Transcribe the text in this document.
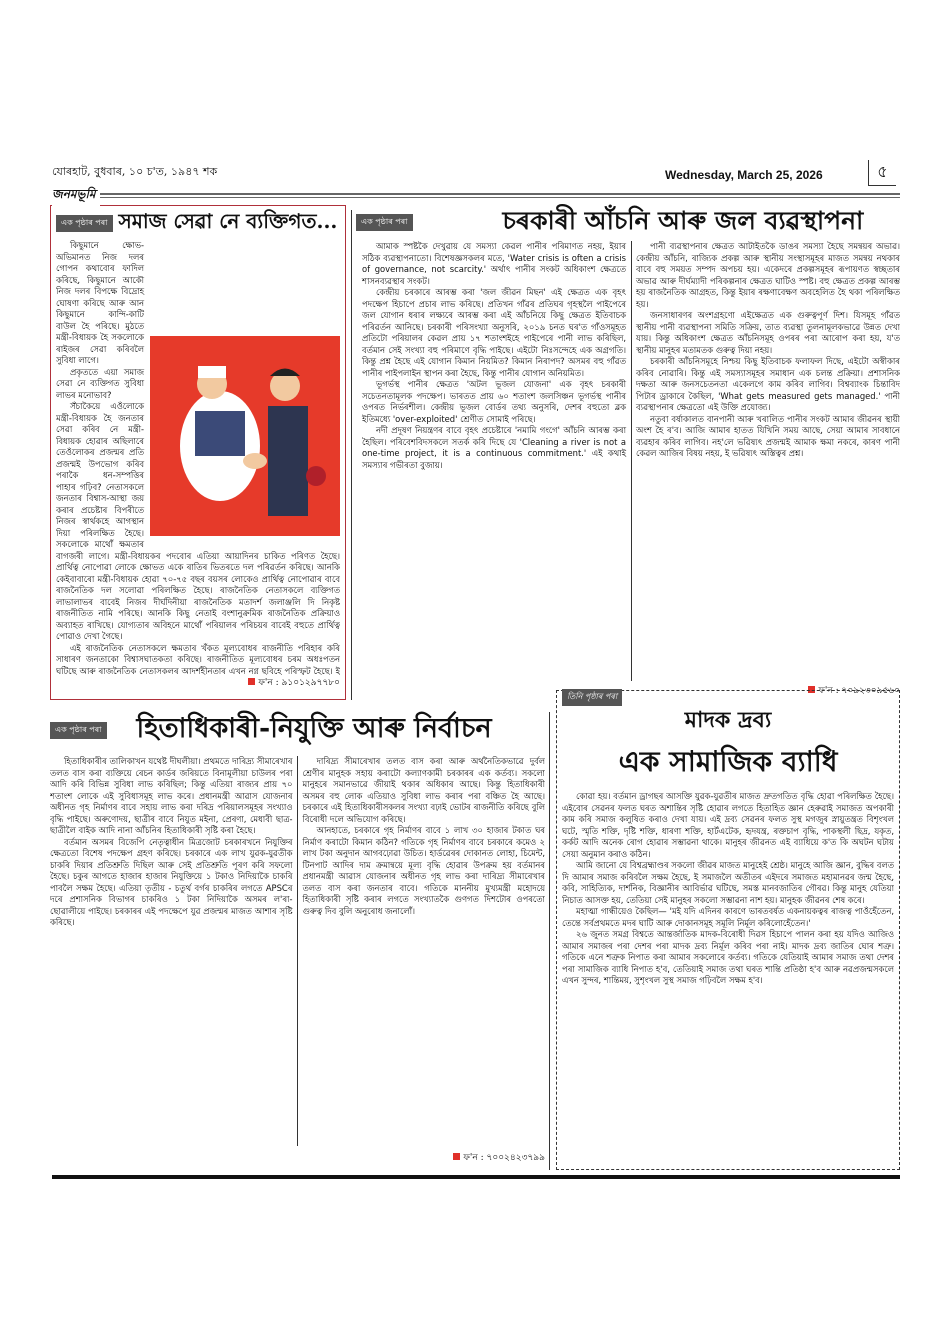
যোৰহাট, বুধবাৰ, ১০ চ'ত, ১৯৪৭ শক	Wednesday, March 25, 2026	৫
জনমভূমি
এক পৃষ্ঠাৰ পৰা সমাজ সেৱা নে ব্যক্তিগত...

কিছুমানে ক্ষোভ-অভিমানত নিজ দলৰ গোপন কথাবোৰ ফাদিল কৰিছে, কিছুমানে আকৌ নিজ দলৰ বিপক্ষে বিদ্ৰোহ ঘোষণা কৰিছে আৰু আন কিছুমানে কান্দি-কাটি বাউল হৈ পৰিছে। মুঠতে মন্ত্ৰী-বিধায়ক হৈ সকলোকে ৰাইজৰ সেৱা কৰিবলৈ সুবিধা লাগে।

প্ৰকৃততে এয়া সমাজ সেৱা নে ব্যক্তিগত সুবিধা লাভৰ মনোভাব?

সঁচাকৈয়ে এওঁলোকে মন্ত্ৰী-বিধায়ক হৈ জনতাৰ সেৱা কৰিব নে মন্ত্ৰী-বিধায়ক হোৱাৰ অছিলাৰে তেওঁলোকৰ প্ৰজন্মৰ প্ৰতি প্ৰজন্মই উপভোগ কৰিব পৰাকৈ ধন-সম্পত্তিৰ পাহাৰ গঢ়িব? নেতাসকলে জনতাৰ বিশ্বাস-আস্থা জয় কৰাৰ প্ৰচেষ্টাৰ বিপৰীতে নিজৰ স্বাৰ্থকহে আগস্থান দিয়া পৰিলক্ষিত হৈছে। সকলোকে মাথোঁ ক্ষমতাৰ বাগজৰী লাগে। মন্ত্ৰী-বিধায়কৰ পদবোৰ এতিয়া আয়াদিনৰ চাকিত পৰিণত হৈছে। প্ৰাৰ্থিত্ব নোপোৱা লোকে ক্ষোভত একে ৰাতিৰ ভিতৰতে দল পৰিৱৰ্তন কৰিছে। আনকি কেইবাবাৰো মন্ত্ৰী-বিধায়ক হোৱা ৭০-৭৫ বছৰ বয়সৰ লোকেও প্ৰাৰ্থিত্ব নোপোৱাৰ বাবে ৰাজনৈতিক দল সলোৱা পৰিলক্ষিত হৈছে। ৰাজনৈতিক নেতাসকলে ব্যক্তিগত লাভালাভৰ বাবেই নিজৰ দীৰ্ঘদিনীয়া ৰাজনৈতিক মতাদৰ্শ জলাঞ্জলি দি নিকৃষ্ট ৰাজনীতিত নামি পৰিছে। আনকি কিছু নেতাই বংশানুক্ৰমিক ৰাজনৈতিক প্ৰক্ৰিয়াও অব্যাহত ৰাখিছে। যোগ্যতাৰ অবিহনে মাথোঁ পৰিয়ালৰ পৰিচয়ৰ বাবেই বহুতে প্ৰাৰ্থিত্ব পোৱাও দেখা গৈছে।

এই ৰাজনৈতিক নেতাসকলে ক্ষমতাৰ খঁকত মূল্যবোধৰ ৰাজনীতি পৰিহাৰ কৰি সাধাৰণ জনতাকো বিশ্বাসঘাতকতা কৰিছে। ৰাজনীতিত মূল্যবোধৰ চৰম অধঃপতন ঘটিছে আৰু ৰাজনৈতিক নেতাসকলৰ আদৰ্শহীনতাৰ এখন নগ্ন ছবিহে পৰিস্ফুট হৈছে। ই

ফ'ন : ৯১০১২৯৭৭৮০
এক পৃষ্ঠাৰ পৰা	চৰকাৰী আঁচনি আৰু জল ব্যৱস্থাপনা

আমাক স্পষ্টকৈ দেখুৱায় যে সমস্যা কেৱল পানীৰ পৰিমাণত নহয়, ইয়াৰ সঠিক ব্যৱস্থাপনাতো। বিশেষজ্ঞসকলৰ মতে, 'Water crisis is often a crisis of governance, not scarcity.' অৰ্থাৎ পানীৰ সংকট অধিকাংশ ক্ষেত্ৰতে শাসনব্যৱস্থাৰ সংকট।

কেন্দ্ৰীয় চৰকাৰে আৰম্ভ কৰা 'জল জীৱন মিছন' এই ক্ষেত্ৰত এক বৃহৎ পদক্ষেপ হিচাপে প্ৰচাৰ লাভ কৰিছে। প্ৰতিখন গাঁৱৰ প্ৰতিঘৰ গৃহস্থলৈ পাইপেৰে জল যোগান ধৰাৰ লক্ষ্যৰে আৰম্ভ কৰা এই আঁচনিয়ে কিছু ক্ষেত্ৰত ইতিবাচক পৰিৱৰ্তন আনিছে। চৰকাৰী পৰিসংখ্যা অনুসৰি, ২০১৯ চনত ঘৰ'ত গাঁওসমূহত প্ৰতিটো পৰিয়ালৰ কেৱল প্ৰায় ১৭ শতাংশইহে পাইপেৰে পানী লাভ কৰিছিল, বৰ্তমান সেই সংখ্যা বহু পৰিমাণে বৃদ্ধি পাইছে। এইটো নিঃসন্দেহে এক অগ্ৰগতি। কিন্তু প্ৰশ্ন হৈছে এই যোগান কিমান নিয়মিত? কিমান নিৰাপদ? অসমৰ বহু গাঁৱত পানীৰ পাইপলাইন স্থাপন কৰা হৈছে, কিন্তু পানীৰ যোগান অনিয়মিত।

ভূগৰ্ভস্থ পানীৰ ক্ষেত্ৰত 'অটল ভূজল যোজনা' এক বৃহৎ চৰকাৰী সচেতনতামূলক পদক্ষেপ। ভাৰতত প্ৰায় ৬০ শতাংশ জলসিঞ্চন ভূগৰ্ভস্থ পানীৰ ওপৰত নিৰ্ভৰশীল। কেন্দ্ৰীয় ভূজল বোৰ্ডৰ তথ্য অনুসৰি, দেশৰ বহুতো ব্লক ইতিমধ্যে 'over-exploited' শ্ৰেণীত সোমাই পৰিছে।

নদী প্ৰদূষণ নিয়ন্ত্ৰণৰ বাবে বৃহৎ প্ৰচেষ্টাৰে 'নমামি গংগে' আঁচনি আৰম্ভ কৰা হৈছিল। পৰিবেশবিদসকলে সতৰ্ক কৰি দিছে যে 'Cleaning a river is not a one-time project, it is a continuous commitment.' এই কথাই সমস্যাৰ গভীৰতা বুজায়।

পানী ব্যৱস্থাপনাৰ ক্ষেত্ৰত আটাইতকৈ ডাঙৰ সমস্যা হৈছে সমন্বয়ৰ অভাৱ। কেন্দ্ৰীয় আঁচনি, ৰাজ্যিক প্ৰকল্প আৰু স্থানীয় সংস্থাসমূহৰ মাজত সমন্বয় নথকাৰ বাবে বহু সময়ত সম্পদ অপচয় হয়। একেদৰে প্ৰকল্পসমূহৰ ৰূপায়ণত স্বচ্ছতাৰ অভাৱ আৰু দীৰ্ঘম্যাদী পৰিকল্পনাৰ ক্ষেত্ৰত ঘাটিও স্পষ্ট। বহু ক্ষেত্ৰত প্ৰকল্প আৰম্ভ হয় ৰাজনৈতিক আগ্ৰহত, কিন্তু ইয়াৰ ৰক্ষণাবেক্ষণ অবহেলিত হৈ থকা পৰিলক্ষিত হয়।

জনসাধাৰণৰ অংশগ্ৰহণো এইক্ষেত্ৰত এক গুৰুত্বপূৰ্ণ দিশ। যিসমূহ গাঁৱত স্থানীয় পানী ব্যৱস্থাপনা সমিতি সক্ৰিয়, তাত ব্যৱস্থা তুলনামূলকভাৱে উন্নত দেখা যায়। কিন্তু অধিকাংশ ক্ষেত্ৰত আঁচনিসমূহ ওপৰৰ পৰা আৰোপ কৰা হয়, য'ত স্থানীয় মানুহৰ মতামতক গুৰুত্ব দিয়া নহয়।

চৰকাৰী আঁচনিসমূহে নিশ্চয় কিছু ইতিবাচক ফলাফল দিছে, এইটো অস্বীকাৰ কৰিব নোৱাৰি। কিন্তু এই সমস্যাসমূহৰ সমাধান এক চলন্ত প্ৰক্ৰিয়া। প্ৰশাসনিক দক্ষতা আৰু জনসচেতনতা একেলগে কাম কৰিব লাগিব। বিশ্বব্যাংক চিন্তাবিদ পিটাৰ ড্ৰাকাৰে কৈছিল, 'What gets measured gets managed.' পানী ব্যৱস্থাপনাৰ ক্ষেত্ৰতো এই উক্তি প্ৰযোজ্য।

নতুবা বৰ্ষাকালত বানপানী আৰু খৰালিত পানীৰ সংকট আমাৰ জীৱনৰ স্থায়ী অংশ হৈ ৰ'ব। আজি আমাৰ হাতত যিখিনি সময় আছে, সেয়া আমাৰ সাবধানে ব্যৱহাৰ কৰিব লাগিব। নহ'লে ভৱিষ্যৎ প্ৰজন্মই আমাক ক্ষমা নকৰে, কাৰণ পানী কেৱল আজিৰ বিষয় নহয়, ই ভৱিষ্যৎ অস্তিত্বৰ প্ৰশ্ন।

ফ'ন : ৭০৯২৩০৯৫৬০
এক পৃষ্ঠাৰ পৰা হিতাধিকাৰী-নিযুক্তি আৰু নিৰ্বাচন

হিতাধিকাৰীৰ তালিকাখন যথেষ্ট দীঘলীয়া। প্ৰথমতে দাৰিদ্ৰ্য সীমাৰেখাৰ তলত বাস কৰা ব্যক্তিয়ে ৰেচন কাৰ্ডৰ জৰিয়তে বিনামূলীয়া চাউলৰ পৰা আদি কৰি বিভিন্ন সুবিধা লাভ কৰিছিল; কিন্তু এতিয়া ৰাজ্যৰ প্ৰায় ৭০ শতাংশ লোকে এই সুবিধাসমূহ লাভ কৰে। প্ৰধানমন্ত্ৰী আৱাস যোজনাৰ অধীনত গৃহ নিৰ্মাণৰ বাবে সহায় লাভ কৰা দৰিদ্ৰ পৰিয়ালসমূহৰ সংখ্যাও বৃদ্ধি পাইছে। অৰুণোদয়, ছাত্ৰীৰ বাবে নিযুত মইনা, প্ৰেৰণা, মেধাবী ছাত্ৰ-ছাত্ৰীলৈ বাইক আদি নানা আঁচনিৰ হিতাধিকাৰী সৃষ্টি কৰা হৈছে।

বৰ্তমান অসমৰ বিজেপি নেতৃত্বাধীন মিত্ৰজোট চৰকাৰখনে নিযুক্তিৰ ক্ষেত্ৰতো বিশেষ পদক্ষেপ গ্ৰহণ কৰিছে। চৰকাৰে এক লাখ যুৱক-যুৱতীক চাকৰি দিয়াৰ প্ৰতিশ্ৰুতি দিছিল আৰু সেই প্ৰতিশ্ৰুতি পূৰণ কৰি সফলো হৈছে। চকুৰ আগতে হাজাৰ হাজাৰ নিযুক্তিয়ে ১ টকাও নিদিয়াকৈ চাকৰি পাবলৈ সক্ষম হৈছে। এতিয়া তৃতীয় - চতুৰ্থ বৰ্গৰ চাকৰিৰ লগতে APSCৰ দৰে প্ৰশাসনিক বিভাগৰ চাকৰিও ১ টকা নিদিয়াকৈ অসমৰ ল'ৰা-ছোৱালীয়ে পাইছে। চৰকাৰৰ এই পদক্ষেপে যুৱ প্ৰজন্মৰ মাজত আশাৰ সৃষ্টি কৰিছে।

দাৰিদ্ৰ্য সীমাৰেখাৰ তলত বাস কৰা আৰু অৰ্থনৈতিকভাৱে দুৰ্বল শ্ৰেণীৰ মানুহক সহায় কৰাটো কল্যাণকামী চৰকাৰৰ এক কৰ্তব্য। সকলো মানুহৰে সমানভাৱে জীয়াই থকাৰ অধিকাৰ আছে। কিন্তু হিতাধিকাৰী অসমৰ বহু লোক এতিয়াও সুবিধা লাভ কৰাৰ পৰা বঞ্চিত হৈ আছে। চৰকাৰে এই হিতাধিকাৰীসকলৰ সংখ্যা বঢ়াই ভোটৰ ৰাজনীতি কৰিছে বুলি বিৰোধী দলে অভিযোগ কৰিছে।

আনহাতে, চৰকাৰে গৃহ নিৰ্মাণৰ বাবে ১ লাখ ৩০ হাজাৰ টকাত ঘৰ নিৰ্মাণ কৰাটো কিমান কঠিন? গতিকে গৃহ নিৰ্মাণৰ বাবে চৰকাৰে কমেও ২ লাখ টকা অনুদান আগবঢ়োৱা উচিত। হাৰ্ডৱেৰৰ দোকানত লোহা, চিমেন্ট, টিনপাট আদিৰ দাম ক্ৰমান্বয়ে মূল্য বৃদ্ধি হোৱাৰ উপক্ৰম হয় বৰ্তমানৰ প্ৰধানমন্ত্ৰী আৱাস যোজনাৰ অধীনত গৃহ লাভ কৰা দাৰিদ্ৰ্য সীমাৰেখাৰ তলত বাস কৰা জনতাৰ বাবে। গতিকে মাননীয় মুখ্যমন্ত্ৰী মহোদয়ে হিতাধিকাৰী সৃষ্টি কৰাৰ লগতে সংখ্যাতকৈ গুণগত দিশটোৰ ওপৰতো গুৰুত্ব দিব বুলি অনুৰোধ জনালোঁ।

ফ'ন : ৭০০২৪২৩৭৯৯
তিনি পৃষ্ঠাৰ পৰা
মাদক দ্ৰব্য
এক সামাজিক ব্যাধি

কোৱা হয়। বৰ্তমান ড্ৰাগছৰ আসক্তি যুৱক-যুৱতীৰ মাজত দ্ৰুতগতিত বৃদ্ধি হোৱা পৰিলক্ষিত হৈছে। এইবোৰ সেৱনৰ ফলত ঘৰত অশান্তিৰ সৃষ্টি হোৱাৰ লগতে হিতাহিত জ্ঞান হেৰুৱাই সমাজত অপকাৰী কাম কৰি সমাজ কলুষিত কৰাও দেখা যায়। এই দ্ৰব্য সেৱনৰ ফলত সুস্থ মগজুৰ স্নায়ুতন্ত্ৰত বিশৃংখল ঘটে, স্মৃতি শক্তি, দৃষ্টি শক্তি, ধাৰণা শক্তি, হাৰ্টএটেক, হৃদযন্ত্ৰ, ৰক্তচাপ বৃদ্ধি, পাকস্থলী ছিদ্ৰ, যকৃত, কৰ্কট আদি অনেক ৰোগ হোৱাৰ সম্ভাৱনা থাকে। মানুহৰ জীৱনত এই ব্যাধিয়ে ক'ত কি অঘটন ঘটায় সেয়া অনুমান কৰাও কঠিন।

আমি জানো যে বিশ্বব্ৰহ্মাণ্ডৰ সকলো জীৱৰ মাজত মানুহেই শ্ৰেষ্ঠ। মানুহে আজি জ্ঞান, বুদ্ধিৰ বলত দি আমাৰ সমাজ কৰিবলৈ সক্ষম হৈছে, ই সমাজলৈ অতীতৰ এইদৰে সমাজত মহামানৱৰ জন্ম হৈছে, কবি, সাহিত্যিক, দাৰ্শনিক, বিজ্ঞানীৰ আবিৰ্ভাৱ ঘটিছে, সমস্ত মানবজাতিৰ গৌৰৱ। কিন্তু মানুহ যেতিয়া নিচাত আসক্ত হয়, তেতিয়া সেই মানুহৰ সকলো সম্ভাৱনা নাশ হয়। মানুহক জীৱনৰ শেষ কৰে।

মহাত্মা গান্ধীয়েও কৈছিল— 'মই যদি এদিনৰ কাৰণে ভাৰতবৰ্ষত একনায়কত্বৰ ৰাজত্ব পাওঁহেঁতেন, তেন্তে সৰ্বপ্ৰথমতে মদৰ ঘাটি আৰু দোকানসমূহ সমূলি নিৰ্মূল কৰিলোহেঁতেন।'

২৬ জুনত সমগ্ৰ বিশ্বতে আন্তৰ্জাতিক মাদক-বিৰোধী দিৱস হিচাপে পালন কৰা হয় যদিও আজিও আমাৰ সমাজৰ পৰা দেশৰ পৰা মাদক দ্ৰব্য নিৰ্মূল কৰিব পৰা নাই। মাদক দ্ৰব্য জাতিৰ ঘোৰ শত্ৰু। গতিকে এনে শত্ৰুক নিপাত কৰা আমাৰ সকলোৰে কৰ্তব্য। গতিকে যেতিয়াই আমাৰ সমাজ তথা দেশৰ পৰা সামাজিক ব্যাধি নিপাত হ'ব, তেতিয়াই সমাজ তথা ঘৰত শান্তি প্ৰতিষ্ঠা হ'ব আৰু নৱপ্ৰজন্মসকলে এখন সুন্দৰ, শান্তিময়, সুশৃংখল সুস্থ সমাজ গঢ়িবলৈ সক্ষম হ'ব।
